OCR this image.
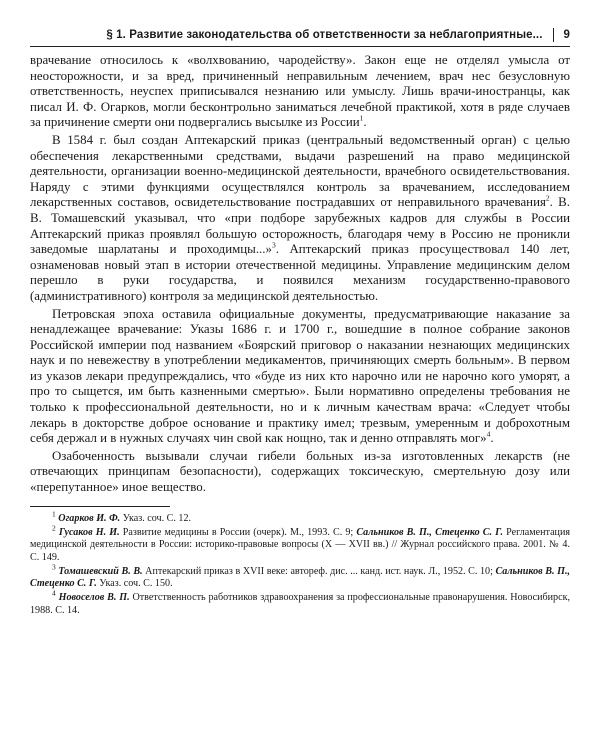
§ 1. Развитие законодательства об ответственности за неблагоприятные... 9

врачевание относилось к «волхвованию, чародейству». Закон еще не отделял умысла от неосторожности, и за вред, причиненный неправильным лечением, врач нес безусловную ответственность, неуспех приписывался незнанию или умыслу. Лишь врачи-иностранцы, как писал И. Ф. Огарков, могли бесконтрольно заниматься лечебной практикой, хотя в ряде случаев за причинение смерти они подвергались высылке из России$^1$.

В 1584 г. был создан Аптекарский приказ (центральный ведомственный орган) с целью обеспечения лекарственными средствами, выдачи разрешений на право медицинской деятельности, организации военно-медицинской деятельности, врачебного освидетельствования. Наряду с этими функциями осуществлялся контроль за врачеванием, исследованием лекарственных составов, освидетельствование пострадавших от неправильного врачевания$^2$. В. В. Томашевский указывал, что «при подборе зарубежных кадров для службы в России Аптекарский приказ проявлял большую осторожность, благодаря чему в Россию не проникли заведомые шарлатаны и проходимцы...»$^3$. Аптекарский приказ просуществовал 140 лет, ознаменовав новый этап в истории отечественной медицины. Управление медицинским делом перешло в руки государства, и появился механизм государственно-правового (административного) контроля за медицинской деятельностью.

Петровская эпоха оставила официальные документы, предусматривающие наказание за ненадлежащее врачевание: Указы 1686 г. и 1700 г., вошедшие в полное собрание законов Российской империи под названием «Боярский приговор о наказании незнающих медицинских наук и по невежеству в употреблении медикаментов, причиняющих смерть больным». В первом из указов лекари предупреждались, что «буде из них кто нарочно или не нарочно кого уморят, а про то сыщется, им быть казненными смертью». Были нормативно определены требования не только к профессиональной деятельности, но и к личным качествам врача: «Следует чтобы лекарь в докторстве доброе основание и практику имел; трезвым, умеренным и доброхотным себя держал и в нужных случаях чин свой как нощно, так и денно отправлять мог»$^4$.

Озабоченность вызывали случаи гибели больных из-за изготовленных лекарств (не отвечающих принципам безопасности), содержащих токсическую, смертельную дозу или «перепутанное» иное вещество.

$^1$ Огарков И. Ф. Указ. соч. С. 12.

$^2$ Гусаков Н. И. Развитие медицины в России (очерк). М., 1993. С. 9; Сальников В. П., Стеценко С. Г. Регламентация медицинской деятельности в России: историко-правовые вопросы (X — XVII вв.) // Журнал российского права. 2001. № 4. С. 149.

$^3$ Томашевский В. В. Аптекарский приказ в XVII веке: автореф. дис. ... канд. ист. наук. Л., 1952. С. 10; Сальников В. П., Стеценко С. Г. Указ. соч. С. 150.

$^4$ Новоселов В. П. Ответственность работников здравоохранения за профессиональные правонарушения. Новосибирск, 1988. С. 14.
